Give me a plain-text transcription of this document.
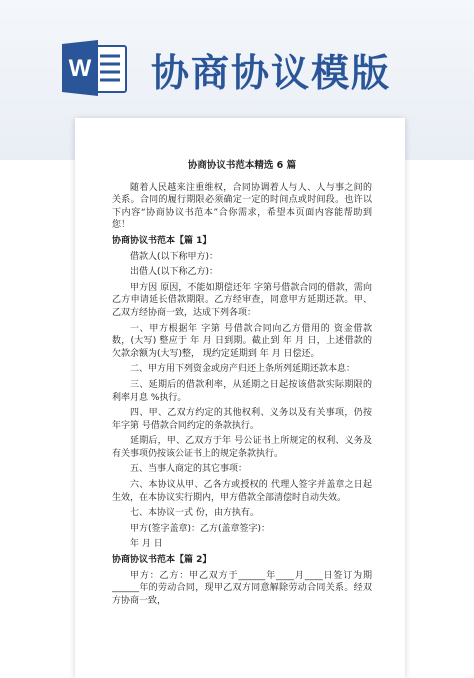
W 协商协议模版
协商协议书范本精选 6 篇

随着人民越来注重维权，合同协调着人与人、人与事之间的关系。合同的履行期限必须确定一定的时间点或时间段。也许以下内容“协商协议书范本”合你需求，希望本页面内容能帮助到您！

协商协议书范本【篇 1】

借款人(以下称甲方)：

出借人(以下称乙方)：

甲方因 原因，不能如期偿还年 字第号借款合同的借款，需向乙方申请延长借款期限。乙方经审查，同意甲方延期还款。甲、乙双方经协商一致，达成下列各项：

一、甲方根据年 字第 号借款合同向乙方借用的 资金借款数，(大写) 整应于 年 月 日到期。截止到 年 月 日，上述借款的欠款余额为(大写)整， 现约定延期到 年 月 日偿还。

二、甲方用下列资金或房产归还上条所列延期还款本息：

三、延期后的借款利率，从延期之日起按该借款实际期限的利率月息 %执行。

四、甲、乙双方约定的其他权利、义务以及有关事项，仍按 年字第 号借款合同约定的条款执行。

延期后，甲、乙双方于年 号公证书上所规定的权利、义务及有关事项仍按该公证书上的规定条款执行。

五、当事人商定的其它事项：

六、本协议从甲、乙各方或授权的 代理人签字并盖章之日起生效，在本协议实行期内，甲方借款全部清偿时自动失效。

七、本协议一式 份，由方执有。

甲方(签字盖章)：乙方(盖章签字)：

年 月 日

协商协议书范本【篇 2】

甲方：乙方：甲乙双方于______年____月____日签订为期______年的劳动合同，现甲乙双方同意解除劳动合同关系。经双方协商一致，
